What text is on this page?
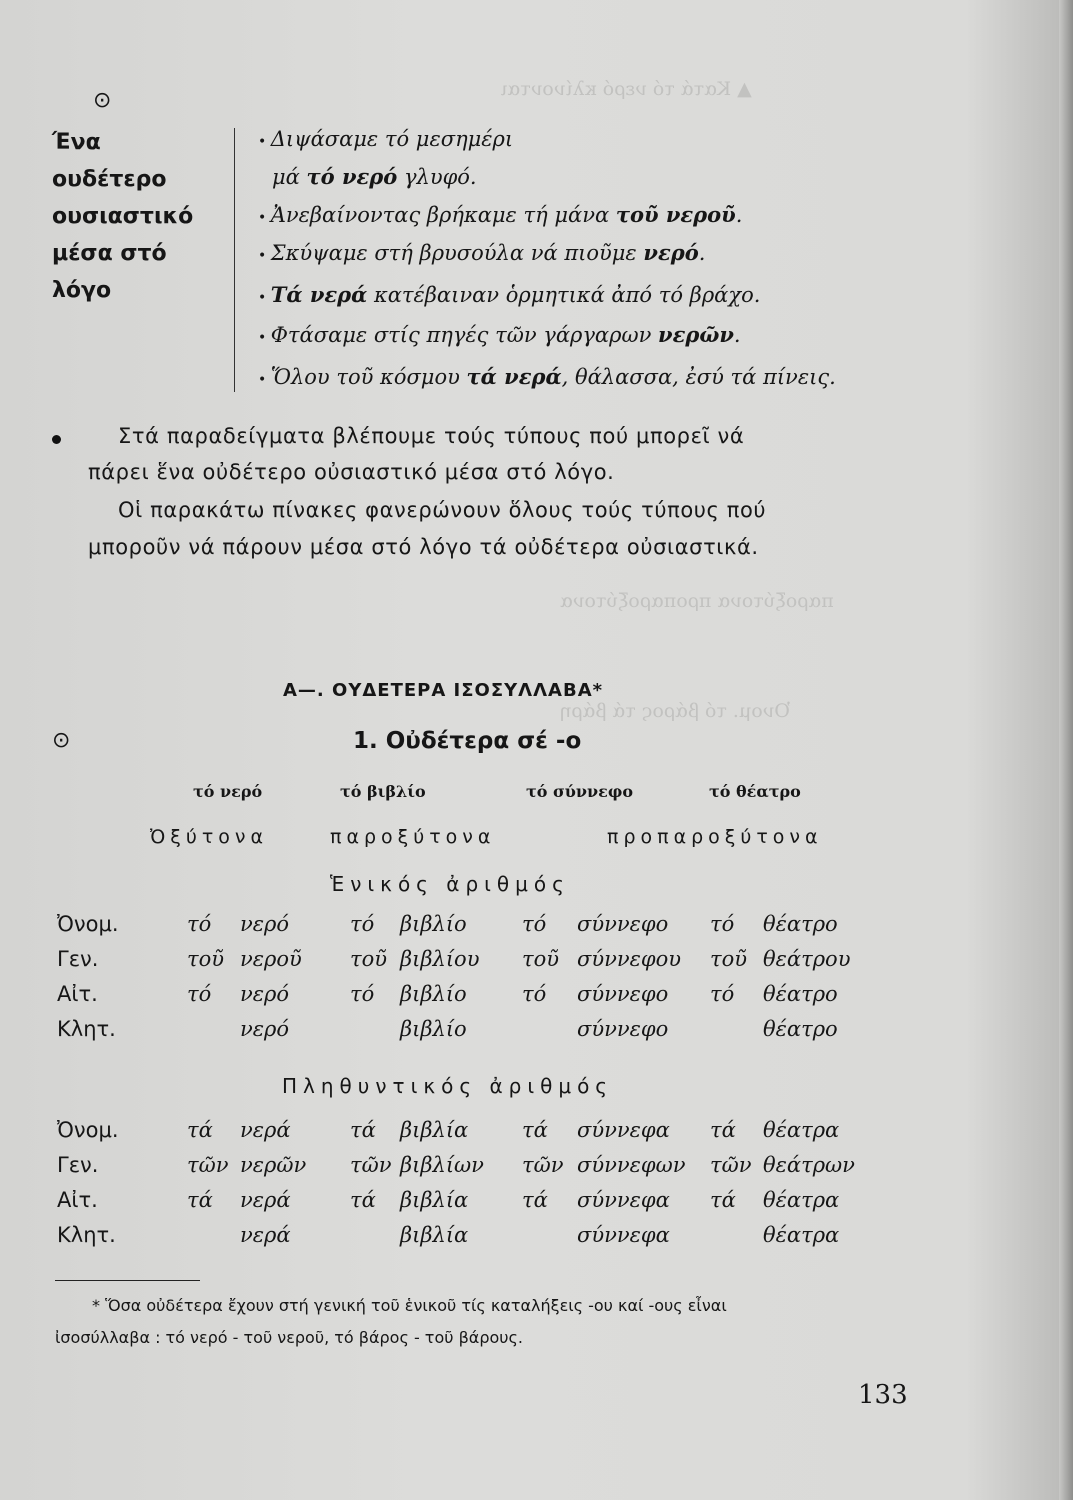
▲ Κατά τό νερό κλίνονται
παροξύτονα προπαροξύτονα
Ὀνομ. τό βάρος τά βάρη
⊙
Ένα
ουδέτερο
ουσιαστικό
μέσα στό
λόγο
• Διψάσαμε τό μεσημέρι
μά τό νερό γλυφό.
• Ἀνεβαίνοντας βρήκαμε τή μάνα τοῦ νεροῦ.
• Σκύψαμε στή βρυσούλα νά πιοῦμε νερό.
• Τά νερά κατέβαιναν ὁρμητικά ἀπό τό βράχο.
• Φτάσαμε στίς πηγές τῶν γάργαρων νερῶν.
• Ὅλου τοῦ κόσμου τά νερά, θάλασσα, ἐσύ τά πίνεις.
Στά παραδείγματα βλέπουμε τούς τύπους πού μπορεῖ νά
πάρει ἕνα οὐδέτερο οὐσιαστικό μέσα στό λόγο.
Οἱ παρακάτω πίνακες φανερώνουν ὅλους τούς τύπους πού
μποροῦν νά πάρουν μέσα στό λόγο τά οὐδέτερα οὐσιαστικά.
Α—. ΟΥΔΕΤΕΡΑ ΙΣΟΣΥΛΛΑΒΑ*
⊙	1. Οὐδέτερα σέ -ο
τό νερό	τό βιβλίο	τό σύννεφο	τό θέατρο
Ὀξύτονα	παροξύτονα	προπαροξύτονα
Ἑνικός ἀριθμός
Ὀνομ.	τό νερό	τό βιβλίο	τό σύννεφο τό θέατρο
Γεν.	τοῦ νεροῦ τοῦ βιβλίου τοῦ σύννεφου τοῦ θεάτρου
Αἰτ.	τό νερό	τό βιβλίο	τό σύννεφο τό θέατρο
Κλητ.	νερό	βιβλίο	σύννεφο	θέατρο
Πληθυντικός ἀριθμός
Ὀνομ.	τά νερά	τά βιβλία	τά σύννεφα τά θέατρα
Γεν.	τῶν νερῶν τῶν βιβλίων τῶν σύννεφων τῶν θεάτρων
Αἰτ.	τά νερά	τά βιβλία	τά σύννεφα τά θέατρα
Κλητ.	νερά	βιβλία	σύννεφα	θέατρα
* Ὅσα οὐδέτερα ἔχουν στή γενική τοῦ ἑνικοῦ τίς καταλήξεις -ου καί -ους εἶναι
ἰσοσύλλαβα : τό νερό - τοῦ νεροῦ, τό βάρος - τοῦ βάρους.
133
